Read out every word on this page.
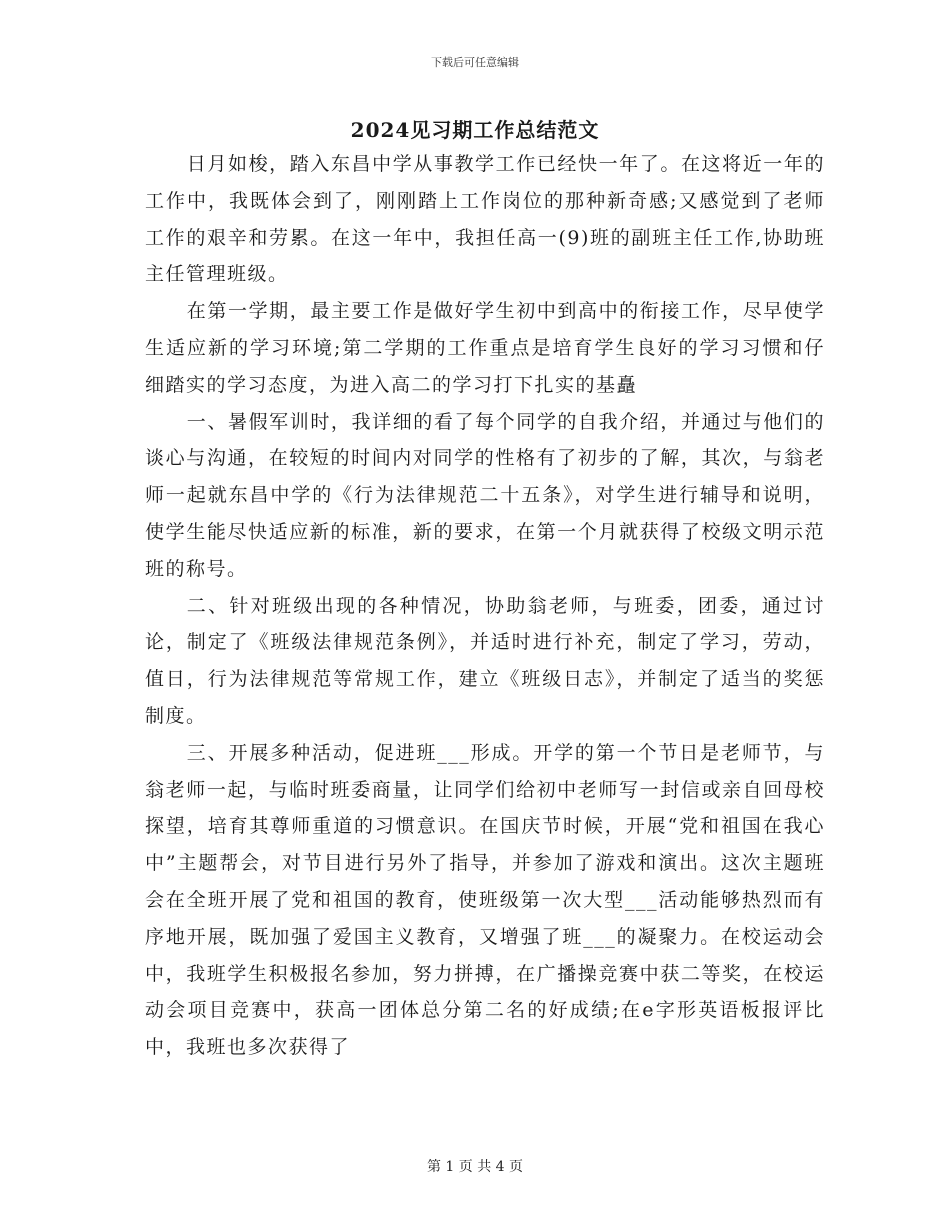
下载后可任意编辑
2024见习期工作总结范文

日月如梭，踏入东昌中学从事教学工作已经快一年了。在这将近一年的工作中，我既体会到了，刚刚踏上工作岗位的那种新奇感;又感觉到了老师工作的艰辛和劳累。在这一年中，我担任高一(9)班的副班主任工作,协助班主任管理班级。

在第一学期，最主要工作是做好学生初中到高中的衔接工作，尽早使学生适应新的学习环境;第二学期的工作重点是培育学生良好的学习习惯和仔细踏实的学习态度，为进入高二的学习打下扎实的基矗

一、暑假军训时，我详细的看了每个同学的自我介绍，并通过与他们的谈心与沟通，在较短的时间内对同学的性格有了初步的了解，其次，与翁老师一起就东昌中学的《行为法律规范二十五条》，对学生进行辅导和说明，使学生能尽快适应新的标准，新的要求，在第一个月就获得了校级文明示范班的称号。

二、针对班级出现的各种情况，协助翁老师，与班委，团委，通过讨论，制定了《班级法律规范条例》，并适时进行补充，制定了学习，劳动，值日，行为法律规范等常规工作，建立《班级日志》，并制定了适当的奖惩制度。

三、开展多种活动，促进班___形成。开学的第一个节日是老师节，与翁老师一起，与临时班委商量，让同学们给初中老师写一封信或亲自回母校探望，培育其尊师重道的习惯意识。在国庆节时候，开展“党和祖国在我心中”主题帮会，对节目进行另外了指导，并参加了游戏和演出。这次主题班会在全班开展了党和祖国的教育，使班级第一次大型___活动能够热烈而有序地开展，既加强了爱国主义教育，又增强了班___的凝聚力。在校运动会中，我班学生积极报名参加，努力拼搏，在广播操竞赛中获二等奖，在校运动会项目竞赛中，获高一团体总分第二名的好成绩;在e字形英语板报评比中，我班也多次获得了

第 1 页 共 4 页
